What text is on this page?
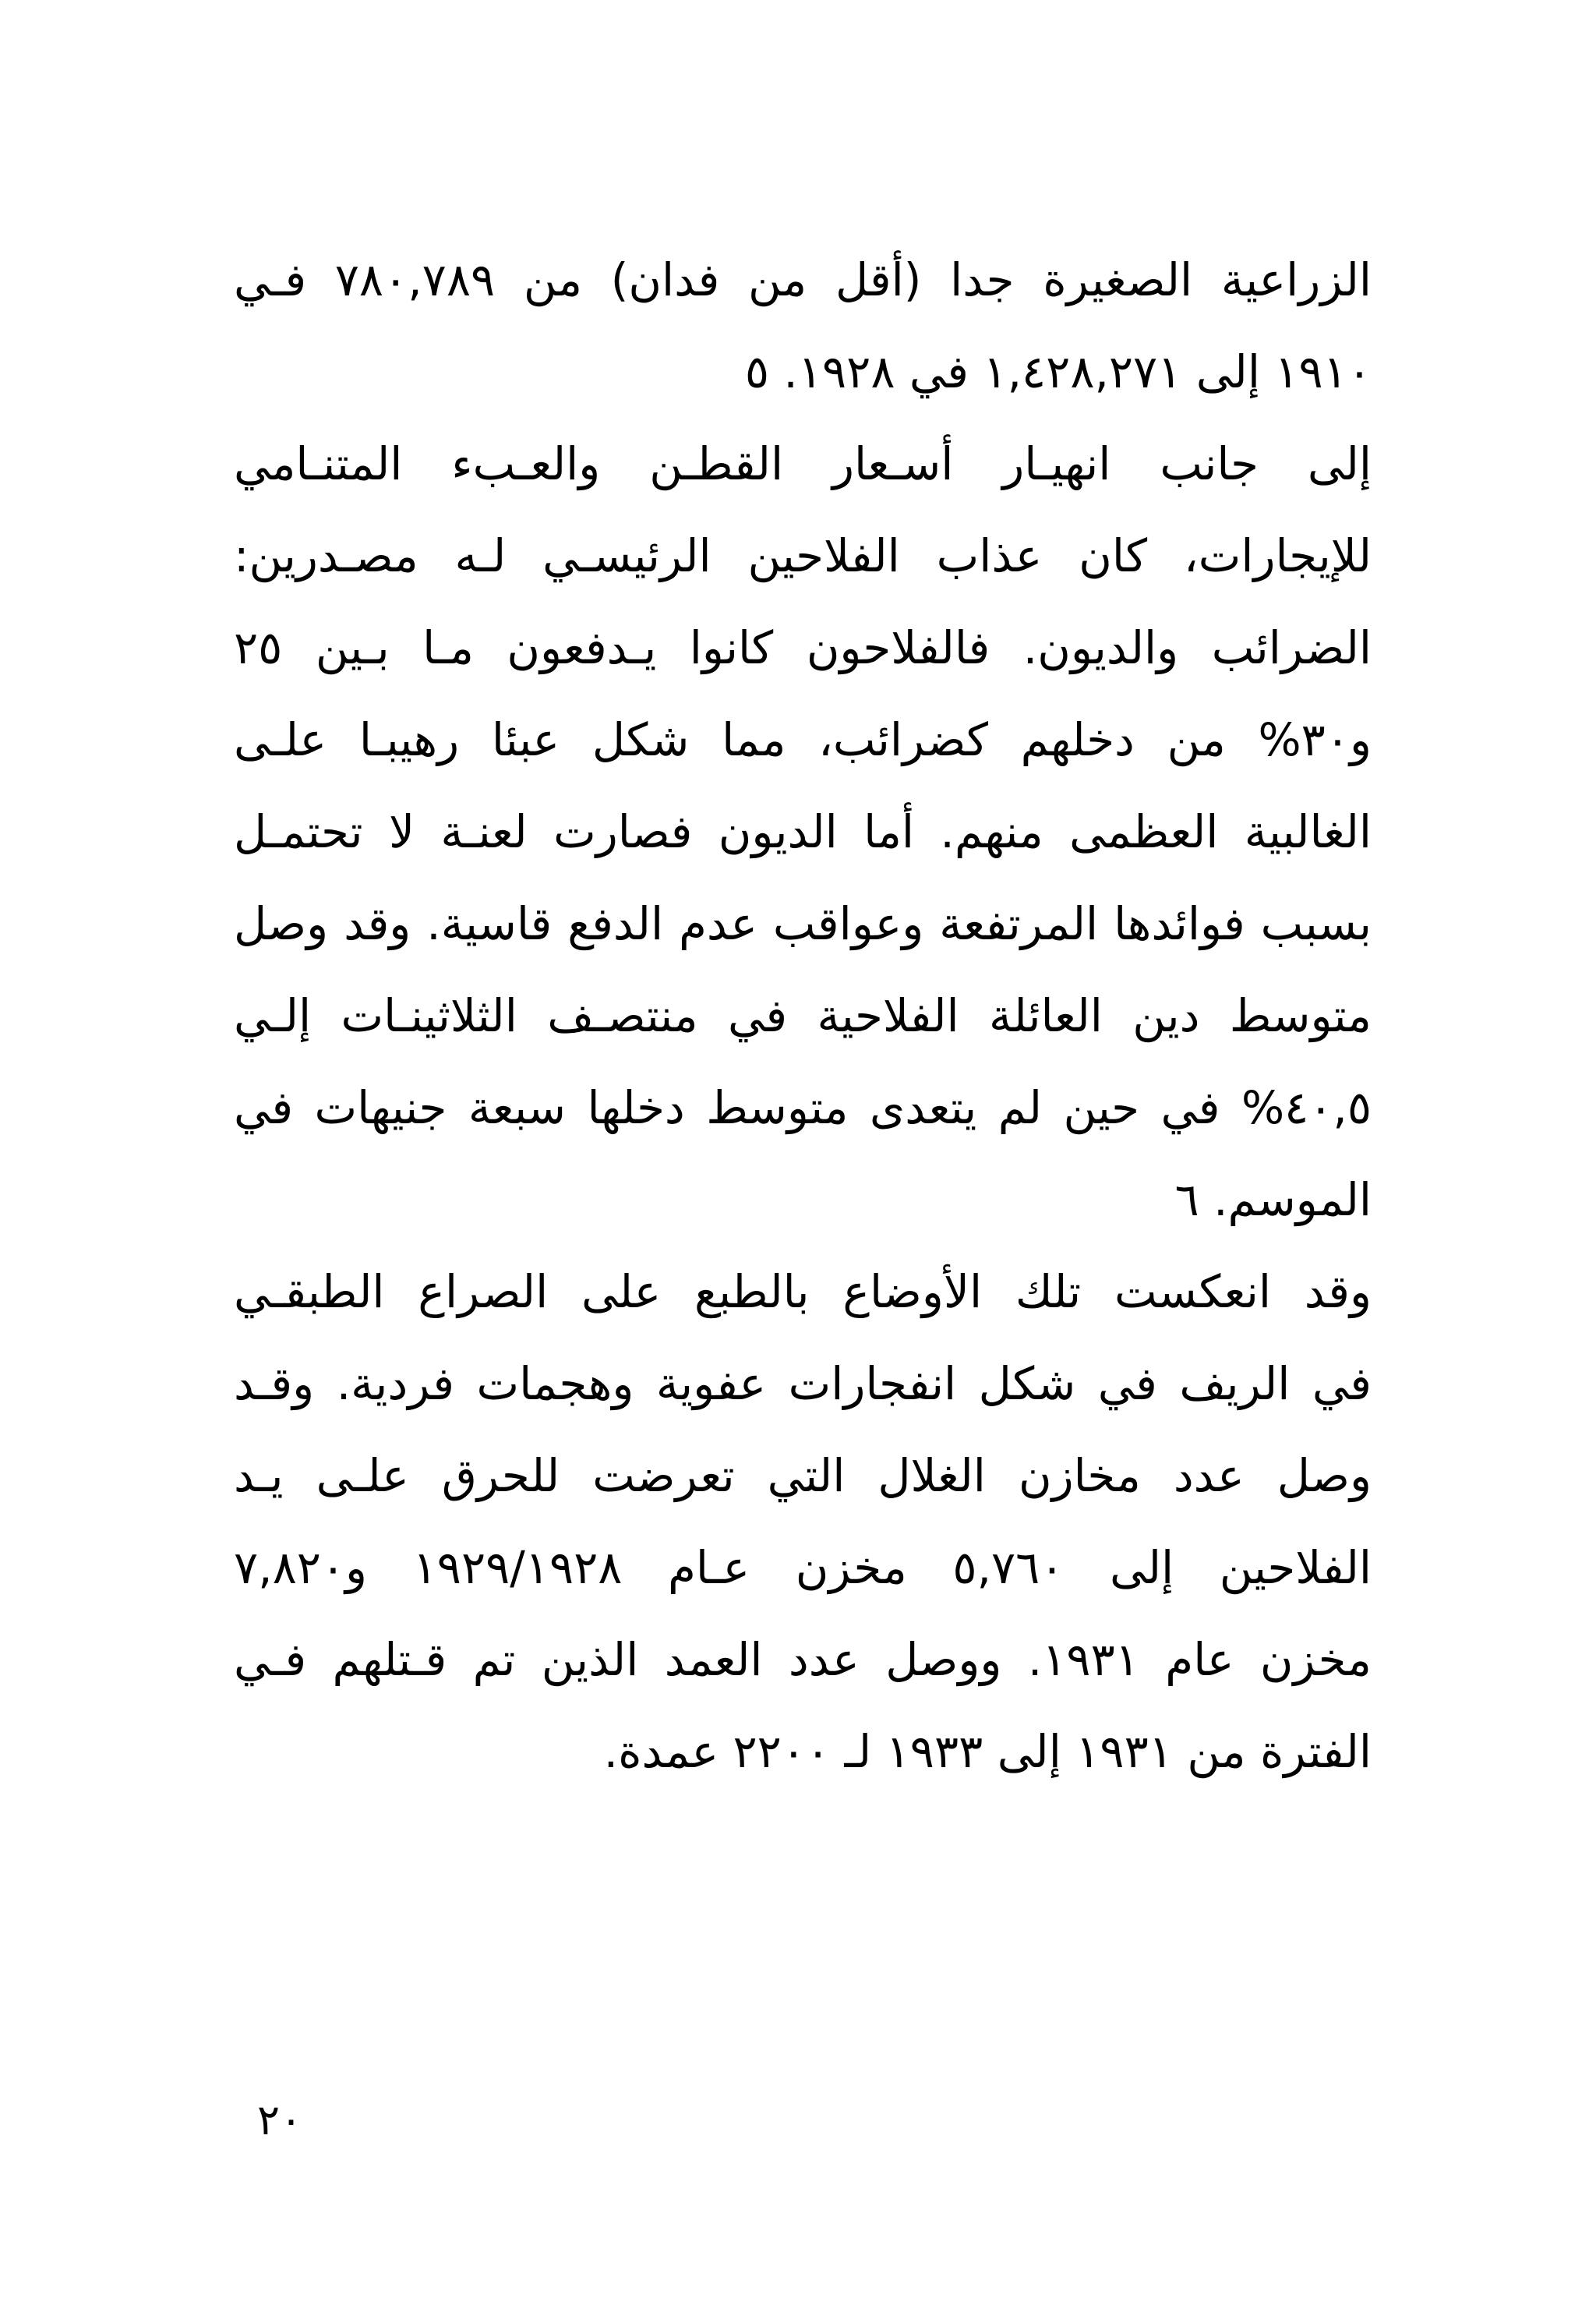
الزراعية الصغيرة جدا (أقل من فدان) من ٧٨٠,٧٨٩ فـي
١٩١٠ إلى ١,٤٢٨,٢٧١ في ١٩٢٨. ٥
إلى جانب انهيـار أسـعار القطـن والعـبء المتنـامي
للإيجارات، كان عذاب الفلاحين الرئيسـي لـه مصـدرين:
الضرائب والديون. فالفلاحون كانوا يـدفعون مـا بـين ٢٥
و٣٠% من دخلهم كضرائب، مما شكل عبئا رهيبـا علـى
الغالبية العظمى منهم. أما الديون فصارت لعنـة لا تحتمـل
بسبب فوائدها المرتفعة وعواقب عدم الدفع قاسية. وقد وصل
متوسط دين العائلة الفلاحية في منتصـف الثلاثينـات إلـي
٤٠,٥% في حين لم يتعدى متوسط دخلها سبعة جنيهات في
الموسم. ٦
وقد انعكست تلك الأوضاع بالطبع على الصراع الطبقـي
في الريف في شكل انفجارات عفوية وهجمات فردية. وقـد
وصل عدد مخازن الغلال التي تعرضت للحرق علـى يـد
الفلاحين إلى ٥,٧٦٠ مخزن عـام ١٩٢٩/١٩٢٨ و٧,٨٢٠
مخزن عام ١٩٣١. ووصل عدد العمد الذين تم قـتلهم فـي
الفترة من ١٩٣١ إلى ١٩٣٣ لـ ٢٢٠٠ عمدة.
٢٠
